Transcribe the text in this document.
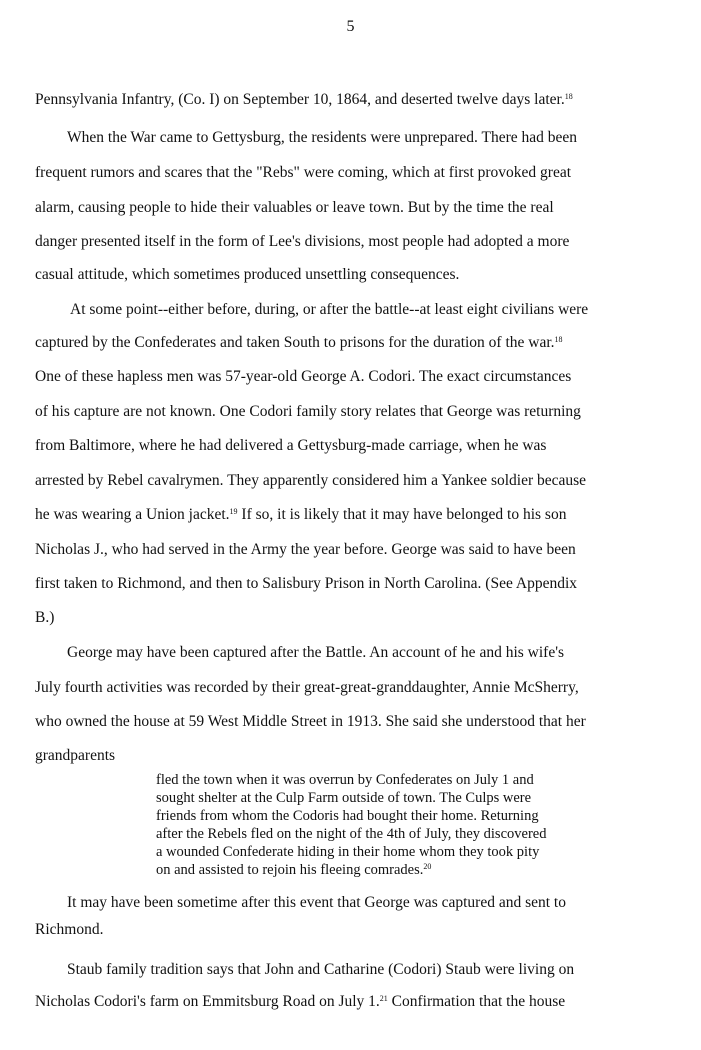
5
Pennsylvania Infantry, (Co. I) on September 10, 1864, and deserted twelve days later.$^{18}$
When the War came to Gettysburg, the residents were unprepared. There had been
frequent rumors and scares that the "Rebs" were coming, which at first provoked great
alarm, causing people to hide their valuables or leave town. But by the time the real
danger presented itself in the form of Lee's divisions, most people had adopted a more
casual attitude, which sometimes produced unsettling consequences.
At some point--either before, during, or after the battle--at least eight civilians were
captured by the Confederates and taken South to prisons for the duration of the war.$^{18}$
One of these hapless men was 57-year-old George A. Codori. The exact circumstances
of his capture are not known. One Codori family story relates that George was returning
from Baltimore, where he had delivered a Gettysburg-made carriage, when he was
arrested by Rebel cavalrymen. They apparently considered him a Yankee soldier because
he was wearing a Union jacket.$^{19}$ If so, it is likely that it may have belonged to his son
Nicholas J., who had served in the Army the year before. George was said to have been
first taken to Richmond, and then to Salisbury Prison in North Carolina. (See Appendix
B.)
George may have been captured after the Battle. An account of he and his wife's
July fourth activities was recorded by their great-great-granddaughter, Annie McSherry,
who owned the house at 59 West Middle Street in 1913. She said she understood that her
grandparents
fled the town when it was overrun by Confederates on July 1 and
sought shelter at the Culp Farm outside of town. The Culps were
friends from whom the Codoris had bought their home. Returning
after the Rebels fled on the night of the 4th of July, they discovered
a wounded Confederate hiding in their home whom they took pity
on and assisted to rejoin his fleeing comrades.$^{20}$
It may have been sometime after this event that George was captured and sent to
Richmond.
Staub family tradition says that John and Catharine (Codori) Staub were living on
Nicholas Codori's farm on Emmitsburg Road on July 1.21 Confirmation that the house
